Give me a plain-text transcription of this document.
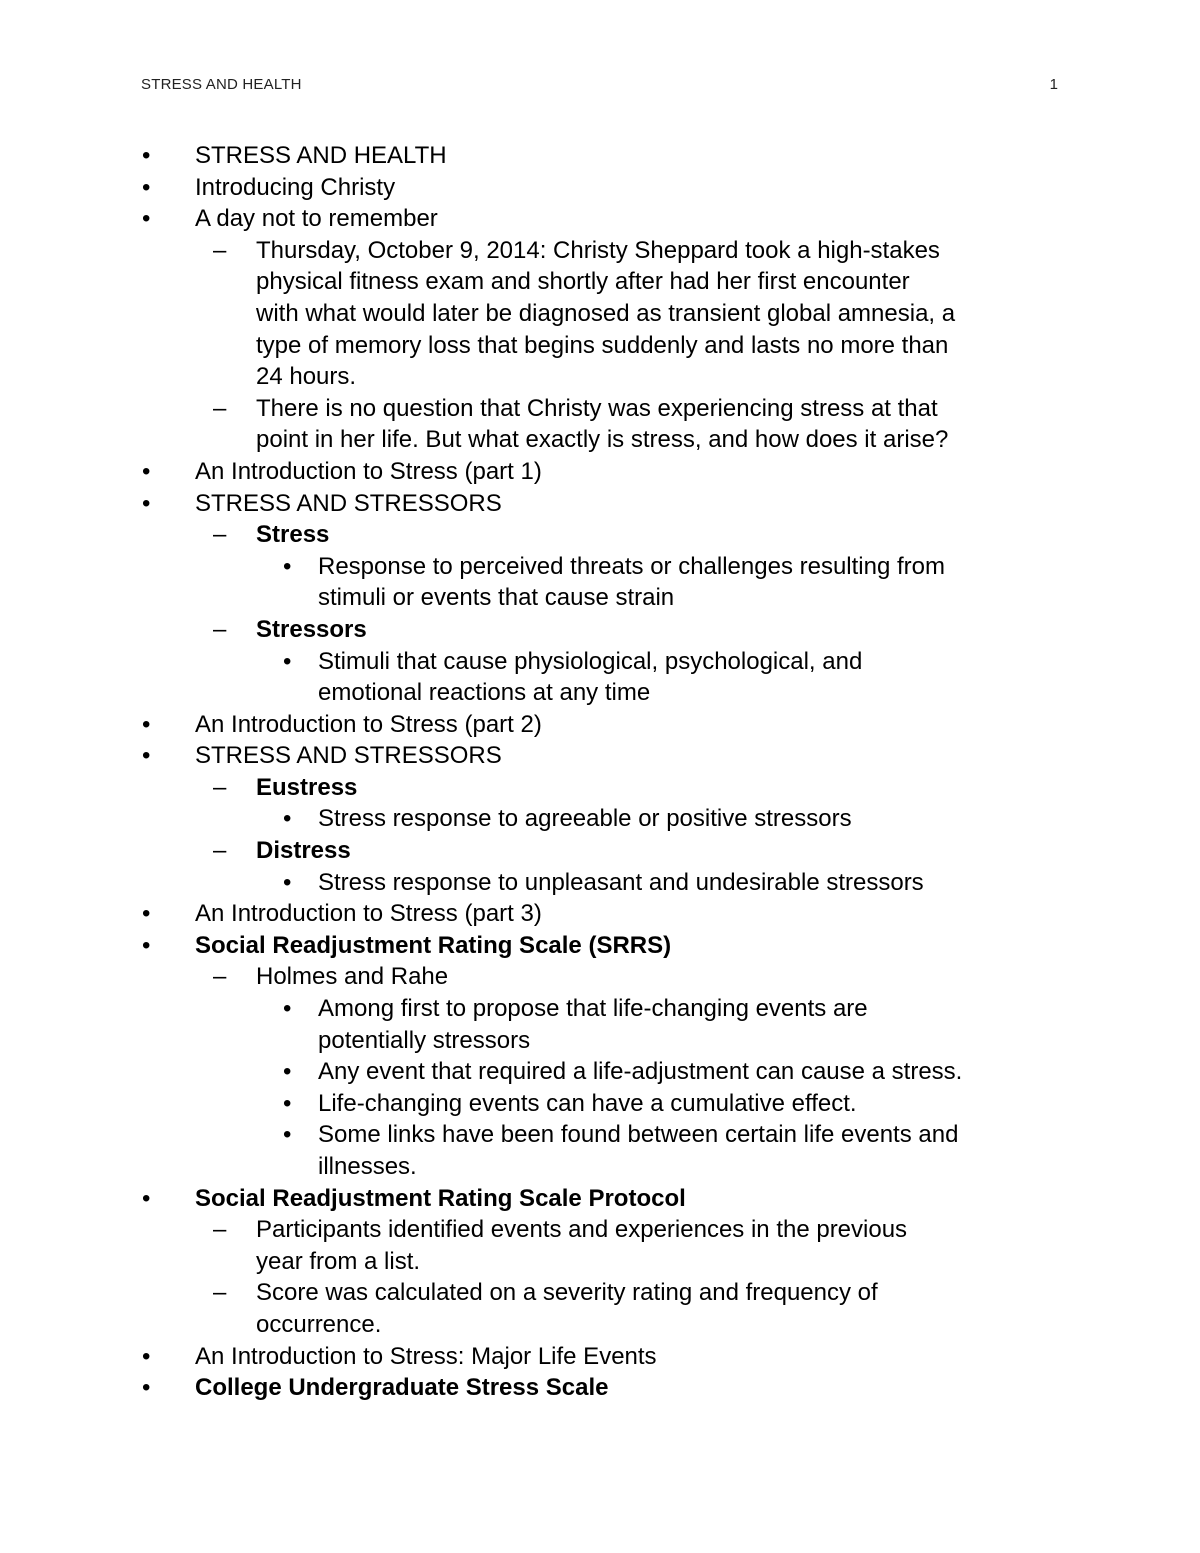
STRESS AND HEALTH	1
• STRESS AND HEALTH
• Introducing Christy
• A day not to remember
– Thursday, October 9, 2014: Christy Sheppard took a high-stakes
physical fitness exam and shortly after had her first encounter
with what would later be diagnosed as transient global amnesia, a
type of memory loss that begins suddenly and lasts no more than
24 hours.
– There is no question that Christy was experiencing stress at that
point in her life. But what exactly is stress, and how does it arise?
• An Introduction to Stress (part 1)
• STRESS AND STRESSORS
– Stress
• Response to perceived threats or challenges resulting from
stimuli or events that cause strain
– Stressors
• Stimuli that cause physiological, psychological, and
emotional reactions at any time
• An Introduction to Stress (part 2)
• STRESS AND STRESSORS
– Eustress
• Stress response to agreeable or positive stressors
– Distress
• Stress response to unpleasant and undesirable stressors
• An Introduction to Stress (part 3)
• Social Readjustment Rating Scale (SRRS)
– Holmes and Rahe
• Among first to propose that life-changing events are
potentially stressors
• Any event that required a life-adjustment can cause a stress.
• Life-changing events can have a cumulative effect.
• Some links have been found between certain life events and
illnesses.
• Social Readjustment Rating Scale Protocol
– Participants identified events and experiences in the previous
year from a list.
– Score was calculated on a severity rating and frequency of
occurrence.
• An Introduction to Stress: Major Life Events
• College Undergraduate Stress Scale
